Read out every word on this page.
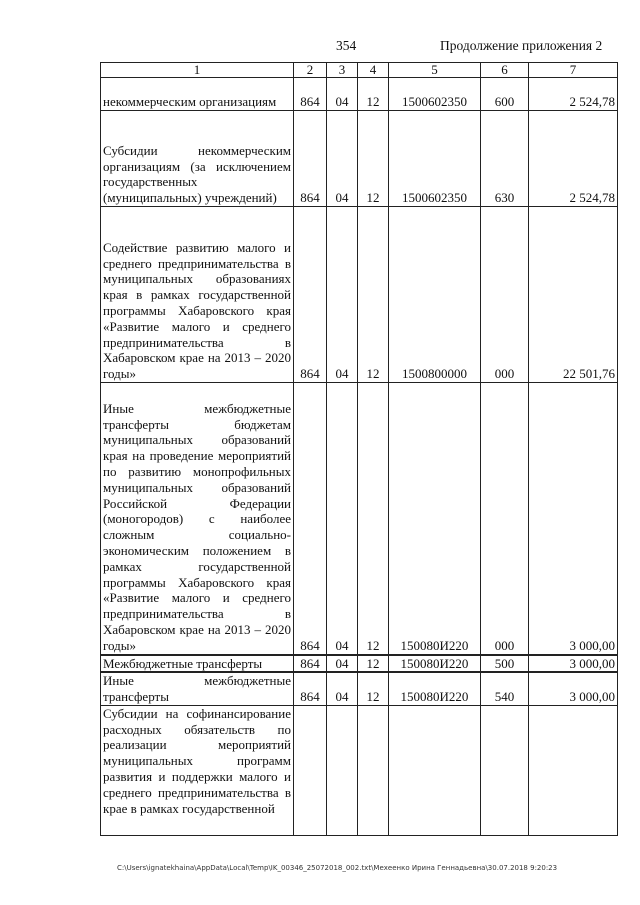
354	Продолжение приложения 2
1	2	3	4	5	6	7
некоммерческим организациям	864	04	12	1500602350	600	2 524,78
Субсидии некоммерческим организациям (за исключением государственных (муниципальных) учреждений)	864	04	12	1500602350	630	2 524,78
Содействие развитию малого и среднего предпринимательства в муниципальных образованиях края в рамках государственной программы Хабаровского края «Развитие малого и среднего предпринимательства в Хабаровском крае на 2013 – 2020 годы»	864	04	12	1500800000	000	22 501,76
Иные межбюджетные трансферты бюджетам муниципальных образований края на проведение мероприятий по развитию монопрофильных муниципальных образований Российской Федерации (моногородов) с наиболее сложным социально-экономическим положением в рамках государственной программы Хабаровского края «Развитие малого и среднего предпринимательства в Хабаровском крае на 2013 – 2020 годы»	864	04	12	150080И220	000	3 000,00
Межбюджетные трансферты	864	04	12	150080И220	500	3 000,00
Иные межбюджетные трансферты	864	04	12	150080И220	540	3 000,00
Субсидии на софинансирование расходных обязательств по реализации мероприятий муниципальных программ развития и поддержки малого и среднего предпринимательства в крае в рамках государственной						
C:\Users\ignatekhaina\AppData\Local\Temp\IK_00346_25072018_002.txt\Мехеенко Ирина Геннадьевна\30.07.2018 9:20:23
